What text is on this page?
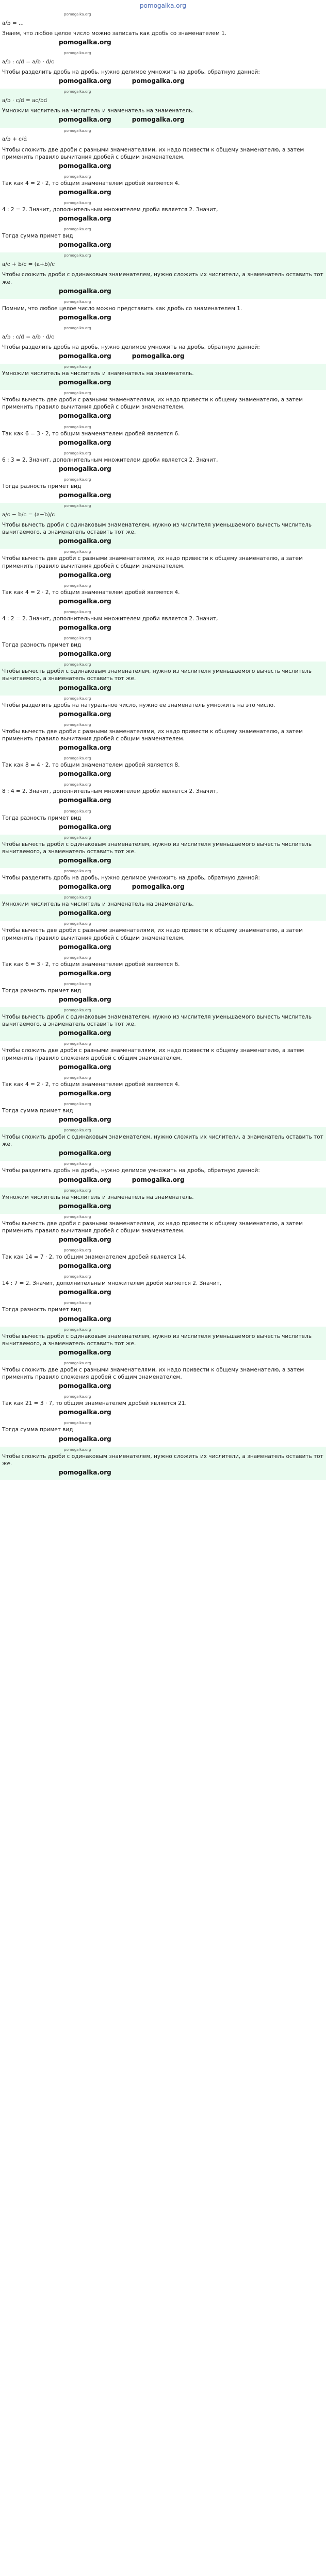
pomogalka.org
pomogalka.org
a/b = ...
Знаем, что любое целое число можно записать как дробь со знаменателем 1.
pomogalka.org
pomogalka.org
a/b : c/d = a/b · d/c
Чтобы разделить дробь на дробь, нужно делимое умножить на дробь, обратную данной:
pomogalka.org	pomogalka.org
pomogalka.org
a/b · c/d = ac/bd
Умножим числитель на числитель и знаменатель на знаменатель.
pomogalka.org	pomogalka.org
pomogalka.org
a/b + c/d
Чтобы сложить две дроби с разными знаменателями, их надо привести к общему знаменателю, а затем применить правило вычитания дробей с общим знаменателем.
pomogalka.org
pomogalka.org
Так как 4 = 2 · 2, то общим знаменателем дробей является 4.
pomogalka.org
pomogalka.org
4 : 2 = 2. Значит, дополнительным множителем дроби является 2. Значит,
pomogalka.org
pomogalka.org
Тогда сумма примет вид
pomogalka.org
pomogalka.org
a/c + b/c = (a+b)/c
Чтобы сложить дроби с одинаковым знаменателем, нужно сложить их числители, а знаменатель оставить тот же.
pomogalka.org
pomogalka.org
Помним, что любое целое число можно представить как дробь со знаменателем 1.
pomogalka.org
pomogalka.org
a/b : c/d = a/b · d/c
Чтобы разделить дробь на дробь, нужно делимое умножить на дробь, обратную данной:
pomogalka.org	pomogalka.org
pomogalka.org
Умножим числитель на числитель и знаменатель на знаменатель.
pomogalka.org
pomogalka.org
Чтобы вычесть две дроби с разными знаменателями, их надо привести к общему знаменателю, а затем применить правило вычитания дробей с общим знаменателем.
pomogalka.org
pomogalka.org
Так как 6 = 3 · 2, то общим знаменателем дробей является 6.
pomogalka.org
pomogalka.org
6 : 3 = 2. Значит, дополнительным множителем дроби является 2. Значит,
pomogalka.org
pomogalka.org
Тогда разность примет вид
pomogalka.org
pomogalka.org
a/c − b/c = (a−b)/c
Чтобы вычесть дроби с одинаковым знаменателем, нужно из числителя уменьшаемого вычесть числитель вычитаемого, а знаменатель оставить тот же.
pomogalka.org
pomogalka.org
Чтобы вычесть две дроби с разными знаменателями, их надо привести к общему знаменателю, а затем применить правило вычитания дробей с общим знаменателем.
pomogalka.org
pomogalka.org
Так как 4 = 2 · 2, то общим знаменателем дробей является 4.
pomogalka.org
pomogalka.org
4 : 2 = 2. Значит, дополнительным множителем дроби является 2. Значит,
pomogalka.org
pomogalka.org
Тогда разность примет вид
pomogalka.org
pomogalka.org
Чтобы вычесть дроби с одинаковым знаменателем, нужно из числителя уменьшаемого вычесть числитель вычитаемого, а знаменатель оставить тот же.
pomogalka.org
pomogalka.org
Чтобы разделить дробь на натуральное число, нужно ее знаменатель умножить на это число.
pomogalka.org
pomogalka.org
Чтобы вычесть две дроби с разными знаменателями, их надо привести к общему знаменателю, а затем применить правило вычитания дробей с общим знаменателем.
pomogalka.org
pomogalka.org
Так как 8 = 4 · 2, то общим знаменателем дробей является 8.
pomogalka.org
pomogalka.org
8 : 4 = 2. Значит, дополнительным множителем дроби является 2. Значит,
pomogalka.org
pomogalka.org
Тогда разность примет вид
pomogalka.org
pomogalka.org
Чтобы вычесть дроби с одинаковым знаменателем, нужно из числителя уменьшаемого вычесть числитель вычитаемого, а знаменатель оставить тот же.
pomogalka.org
pomogalka.org
Чтобы разделить дробь на дробь, нужно делимое умножить на дробь, обратную данной:
pomogalka.org	pomogalka.org
pomogalka.org
Умножим числитель на числитель и знаменатель на знаменатель.
pomogalka.org
pomogalka.org
Чтобы вычесть две дроби с разными знаменателями, их надо привести к общему знаменателю, а затем применить правило вычитания дробей с общим знаменателем.
pomogalka.org
pomogalka.org
Так как 6 = 3 · 2, то общим знаменателем дробей является 6.
pomogalka.org
pomogalka.org
Тогда разность примет вид
pomogalka.org
pomogalka.org
Чтобы вычесть дроби с одинаковым знаменателем, нужно из числителя уменьшаемого вычесть числитель вычитаемого, а знаменатель оставить тот же.
pomogalka.org
pomogalka.org
Чтобы сложить две дроби с разными знаменателями, их надо привести к общему знаменателю, а затем применить правило сложения дробей с общим знаменателем.
pomogalka.org
pomogalka.org
Так как 4 = 2 · 2, то общим знаменателем дробей является 4.
pomogalka.org
pomogalka.org
Тогда сумма примет вид
pomogalka.org
pomogalka.org
Чтобы сложить дроби с одинаковым знаменателем, нужно сложить их числители, а знаменатель оставить тот же.
pomogalka.org
pomogalka.org
Чтобы разделить дробь на дробь, нужно делимое умножить на дробь, обратную данной:
pomogalka.org	pomogalka.org
pomogalka.org
Умножим числитель на числитель и знаменатель на знаменатель.
pomogalka.org
pomogalka.org
Чтобы вычесть две дроби с разными знаменателями, их надо привести к общему знаменателю, а затем применить правило вычитания дробей с общим знаменателем.
pomogalka.org
pomogalka.org
Так как 14 = 7 · 2, то общим знаменателем дробей является 14.
pomogalka.org
pomogalka.org
14 : 7 = 2. Значит, дополнительным множителем дроби является 2. Значит,
pomogalka.org
pomogalka.org
Тогда разность примет вид
pomogalka.org
pomogalka.org
Чтобы вычесть дроби с одинаковым знаменателем, нужно из числителя уменьшаемого вычесть числитель вычитаемого, а знаменатель оставить тот же.
pomogalka.org
pomogalka.org
Чтобы сложить две дроби с разными знаменателями, их надо привести к общему знаменателю, а затем применить правило сложения дробей с общим знаменателем.
pomogalka.org
pomogalka.org
Так как 21 = 3 · 7, то общим знаменателем дробей является 21.
pomogalka.org
pomogalka.org
Тогда сумма примет вид
pomogalka.org
pomogalka.org
Чтобы сложить дроби с одинаковым знаменателем, нужно сложить их числители, а знаменатель оставить тот же.
pomogalka.org
